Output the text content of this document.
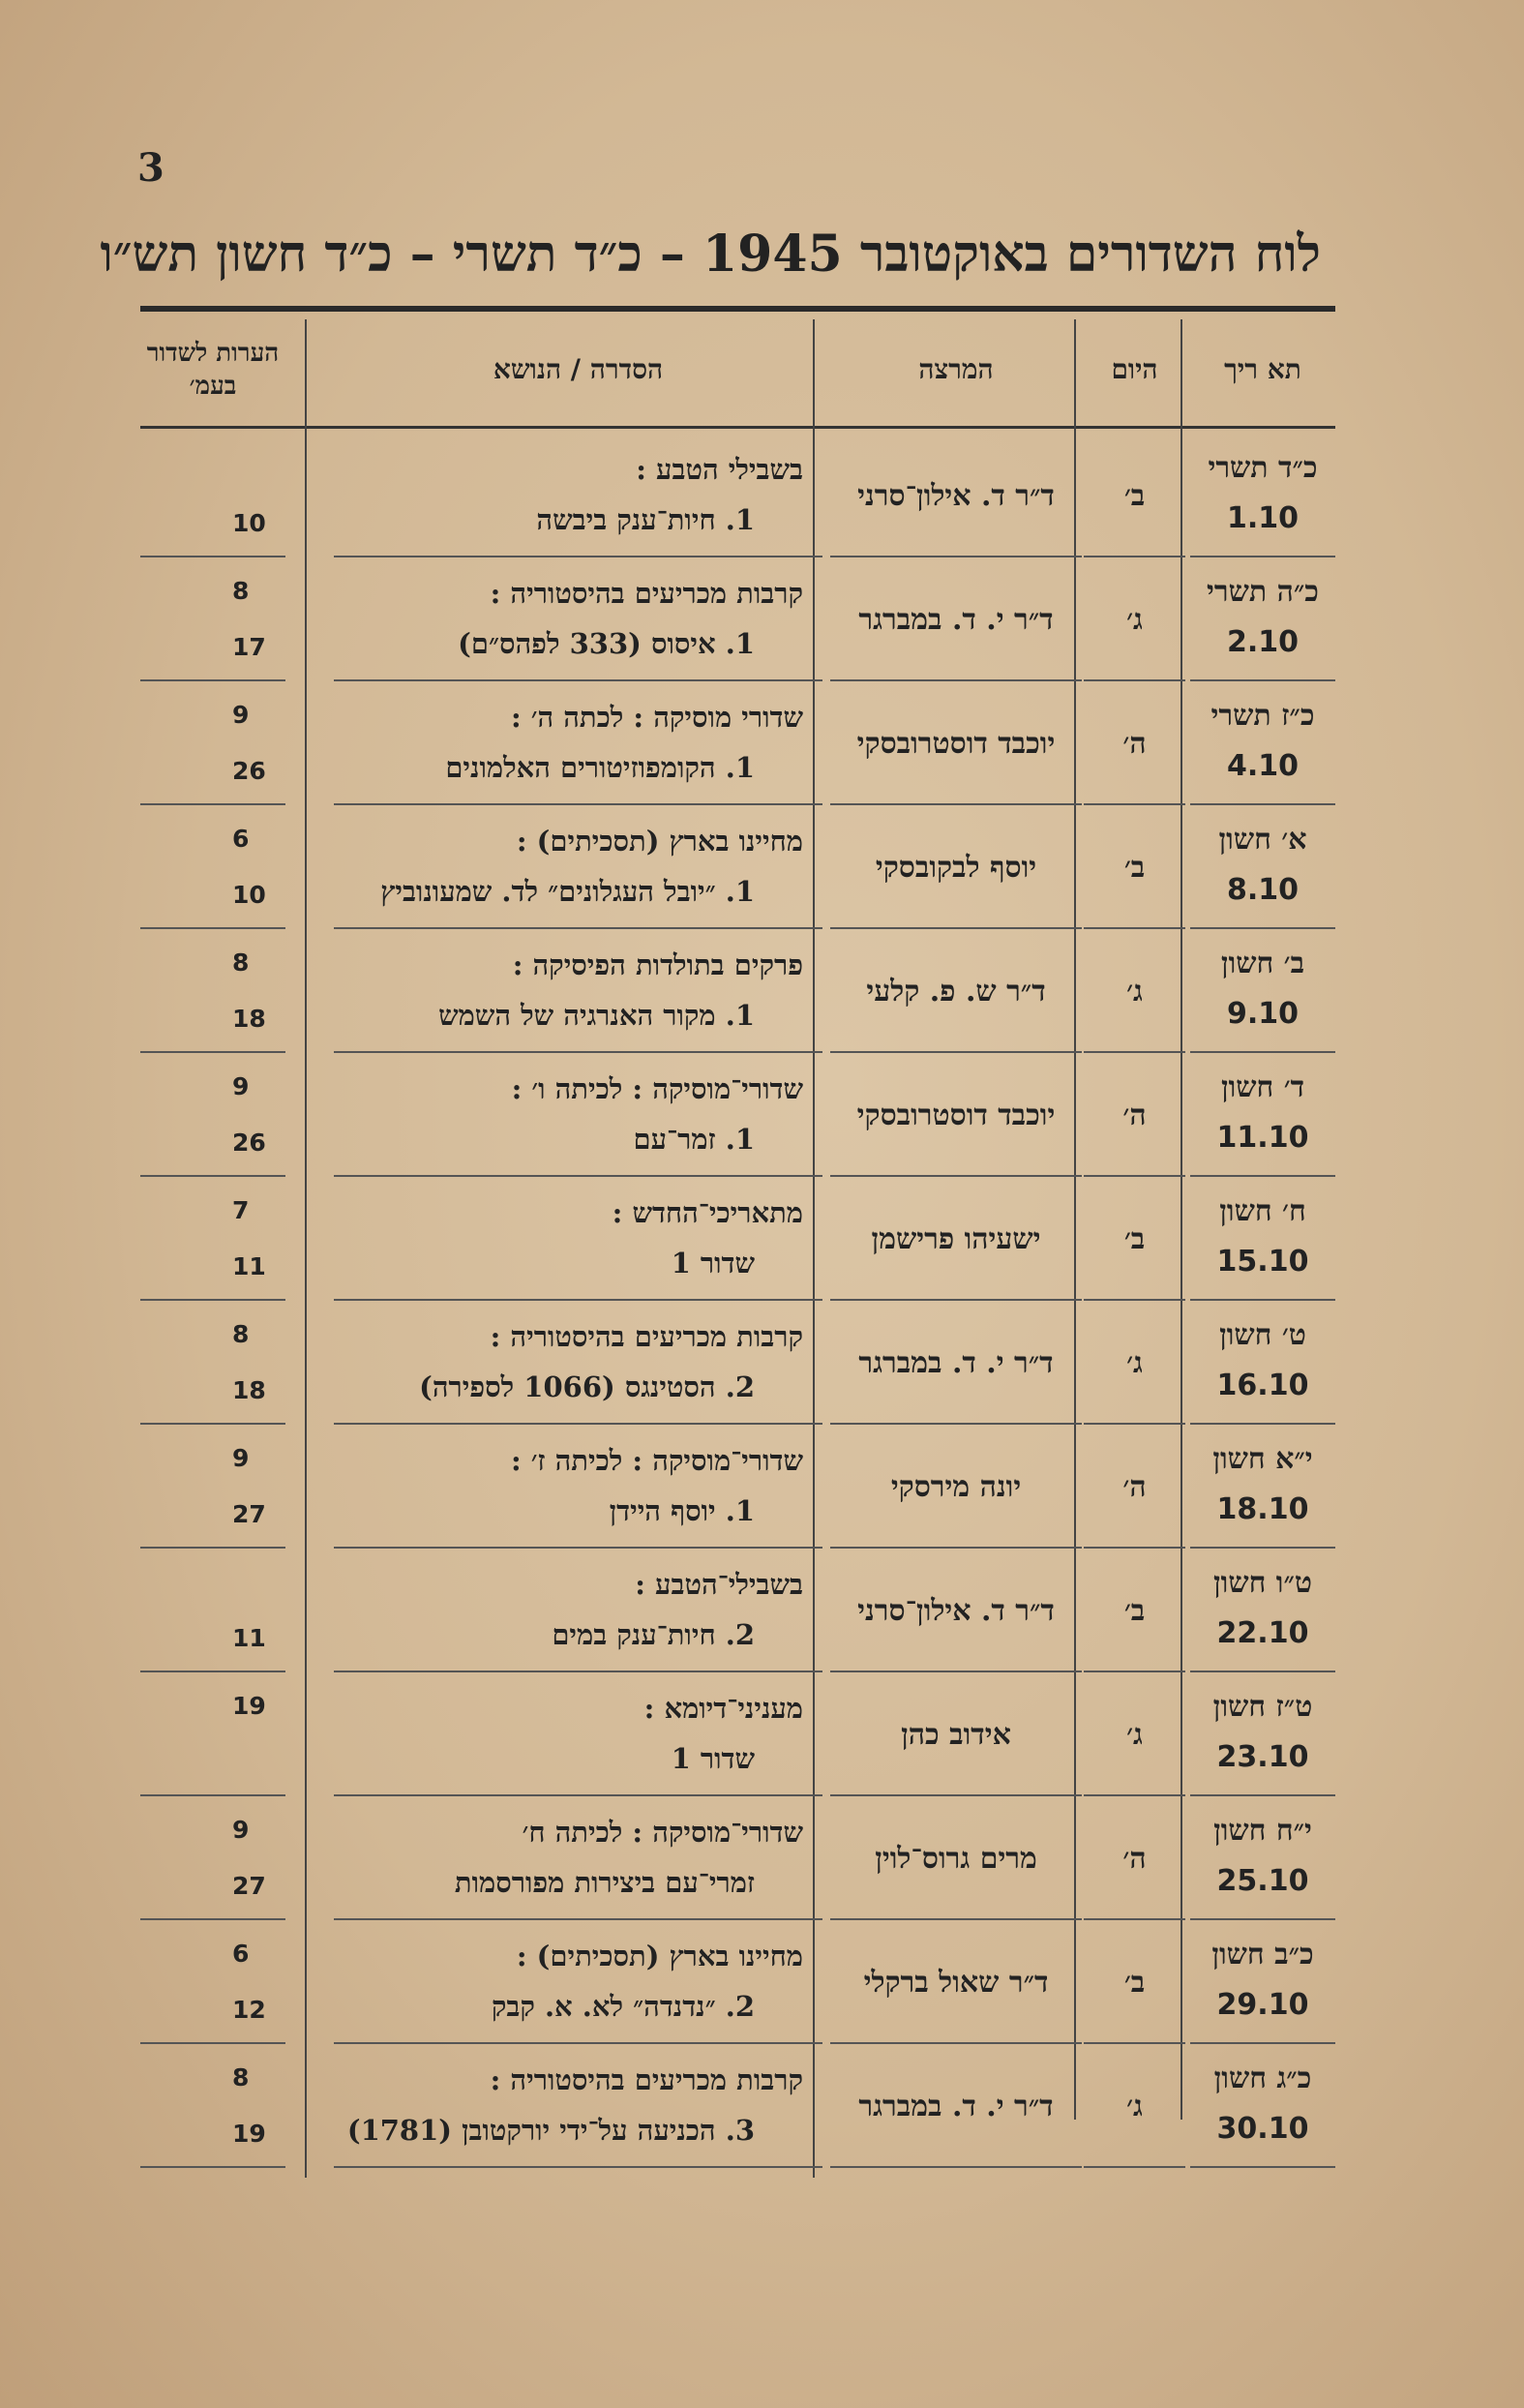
3
לוח השדורים באוקטובר 1945 – כ״ד תשרי – כ״ד חשון תש״ו
תא ריך
היום
המרצה
הסדרה / הנושא
הערות לשדור בעמ׳
כ״ד תשרי
1.10
ב׳
ד״ר ד. אילון־סרני
בשבילי הטבע :
1. חיות־ענק ביבשה
10
כ״ה תשרי
2.10
ג׳
ד״ר י. ד. במברגר
קרבות מכריעים בהיסטוריה :
1. איסוס (333 לפהס״ם)
8
17
כ״ז תשרי
4.10
ה׳
יוכבד דוסטרובסקי
שדורי מוסיקה : לכתה ה׳ :
1. הקומפוזיטורים האלמונים
9
26
א׳ חשון
8.10
ב׳
יוסף לבקובסקי
מחיינו בארץ (תסכיתים) :
1. ״יובל העגלונים״ לד. שמעונוביץ
6
10
ב׳ חשון
9.10
ג׳
ד״ר ש. פ. קלעי
פרקים בתולדות הפיסיקה :
1. מקור האנרגיה של השמש
8
18
ד׳ חשון
11.10
ה׳
יוכבד דוסטרובסקי
שדורי־מוסיקה : לכיתה ו׳ :
1. זמר־עם
9
26
ח׳ חשון
15.10
ב׳
ישעיהו פרישמן
מתאריכי־החדש :
שדור 1
7
11
ט׳ חשון
16.10
ג׳
ד״ר י. ד. במברגר
קרבות מכריעים בהיסטוריה :
2. הסטינגס (1066 לספירה)
8
18
י״א חשון
18.10
ה׳
יונה מירסקי
שדורי־מוסיקה : לכיתה ז׳ :
1. יוסף היידן
9
27
ט״ו חשון
22.10
ב׳
ד״ר ד. אילון־סרני
בשבילי־הטבע :
2. חיות־ענק במים
11
ט״ז חשון
23.10
ג׳
אידוב כהן
מעניני־דיומא :
שדור 1
19
י״ח חשון
25.10
ה׳
מרים גרוס־לוין
שדורי־מוסיקה : לכיתה ח׳
זמרי־עם ביצירות מפורסמות
9
27
כ״ב חשון
29.10
ב׳
ד״ר שאול ברקלי
מחיינו בארץ (תסכיתים) :
2. ״נדנדה״ לא. א. קבק
6
12
כ״ג חשון
30.10
ג׳
ד״ר י. ד. במברגר
קרבות מכריעים בהיסטוריה :
3. הכניעה על־ידי יורקטובן (1781)
8
19
